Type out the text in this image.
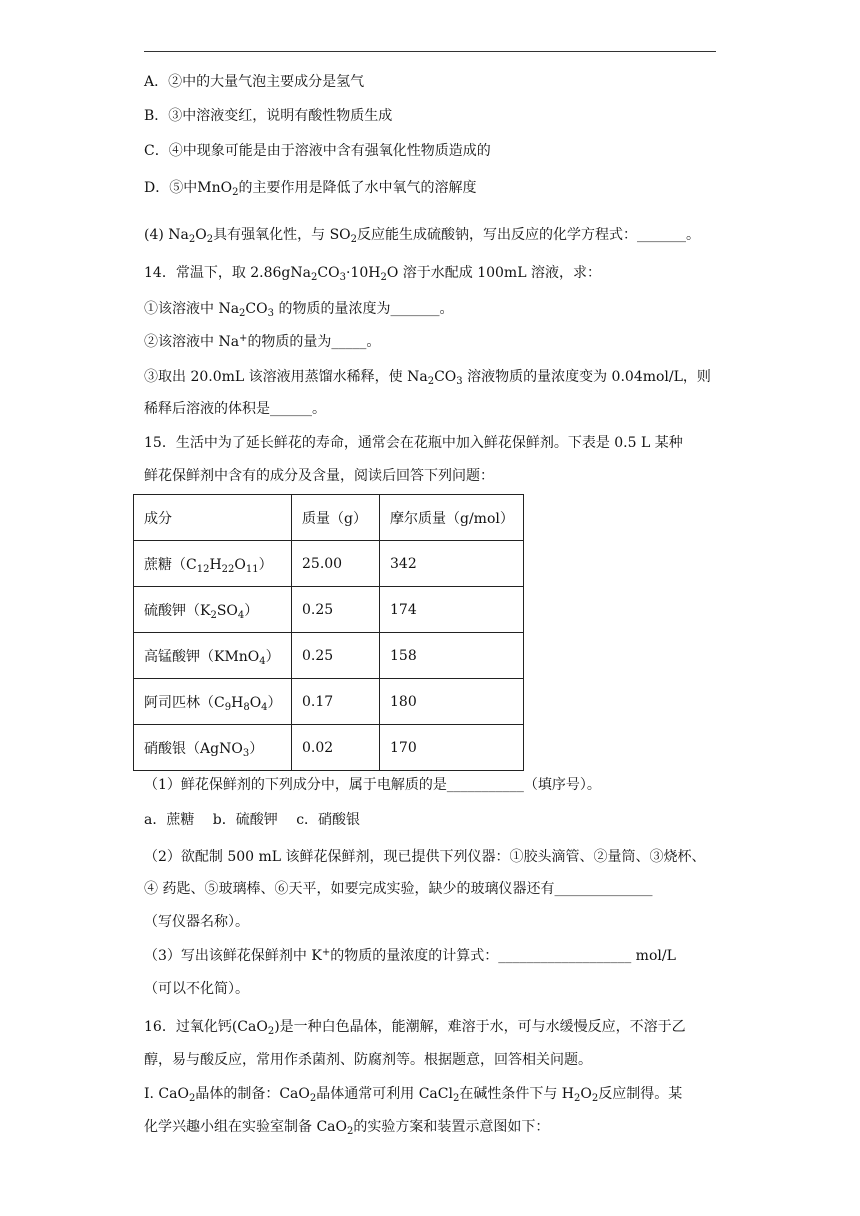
A．②中的大量气泡主要成分是氢气
B．③中溶液变红，说明有酸性物质生成
C．④中现象可能是由于溶液中含有强氧化性物质造成的
D．⑤中MnO$_2$的主要作用是降低了水中氧气的溶解度
(4) $Na_2O_2$具有强氧化性，与 $SO_2$反应能生成硫酸钠，写出反应的化学方程式：_______。
14．常温下，取 $2.86gNa_2CO_3\cdot 10H_2O$ 溶于水配成 100mL 溶液，求：
①该溶液中 $Na_2CO_3$ 的物质的量浓度为_______。
②该溶液中 Na+的物质的量为_____。
③取出 20.0mL 该溶液用蒸馏水稀释，使 $Na_2CO_3$ 溶液物质的量浓度变为 0.04mol/L，则
稀释后溶液的体积是______。
15．生活中为了延长鲜花的寿命，通常会在花瓶中加入鲜花保鲜剂。下表是 0.5 L 某种
鲜花保鲜剂中含有的成分及含量，阅读后回答下列问题：
成分	质量（g）	摩尔质量（g/mol）
蔗糖$(C_{12}H_{22}O_{11})$	25.00	342
硫酸钾$(K_2SO_4)$	0.25	174
高锰酸钾（KMnO$_4$）	0.25	158
阿司匹林$(C_9H_8O_4)$	0.17	180
硝酸银（AgNO$_3$）	0.02	170
（1）鲜花保鲜剂的下列成分中，属于电解质的是___________（填序号）。
a．蔗糖　 b．硫酸钾　 c．硝酸银
（2）欲配制 500 mL 该鲜花保鲜剂，现已提供下列仪器：①胶头滴管、②量筒、③烧杯、
④ 药匙、⑤玻璃棒、⑥天平，如要完成实验，缺少的玻璃仪器还有______________
（写仪器名称）。
（3）写出该鲜花保鲜剂中 K+的物质的量浓度的计算式：___________________ mol/L
（可以不化简）。
16．过氧化钙(CaO$_2$)是一种白色晶体，能潮解，难溶于水，可与水缓慢反应，不溶于乙
醇，易与酸反应，常用作杀菌剂、防腐剂等。根据题意，回答相关问题。
I. CaO$_2$晶体的制备：CaO$_2$晶体通常可利用 CaCl$_2$在碱性条件下与 $H_2O_2$反应制得。某
化学兴趣小组在实验室制备 CaO$_2$的实验方案和装置示意图如下：
